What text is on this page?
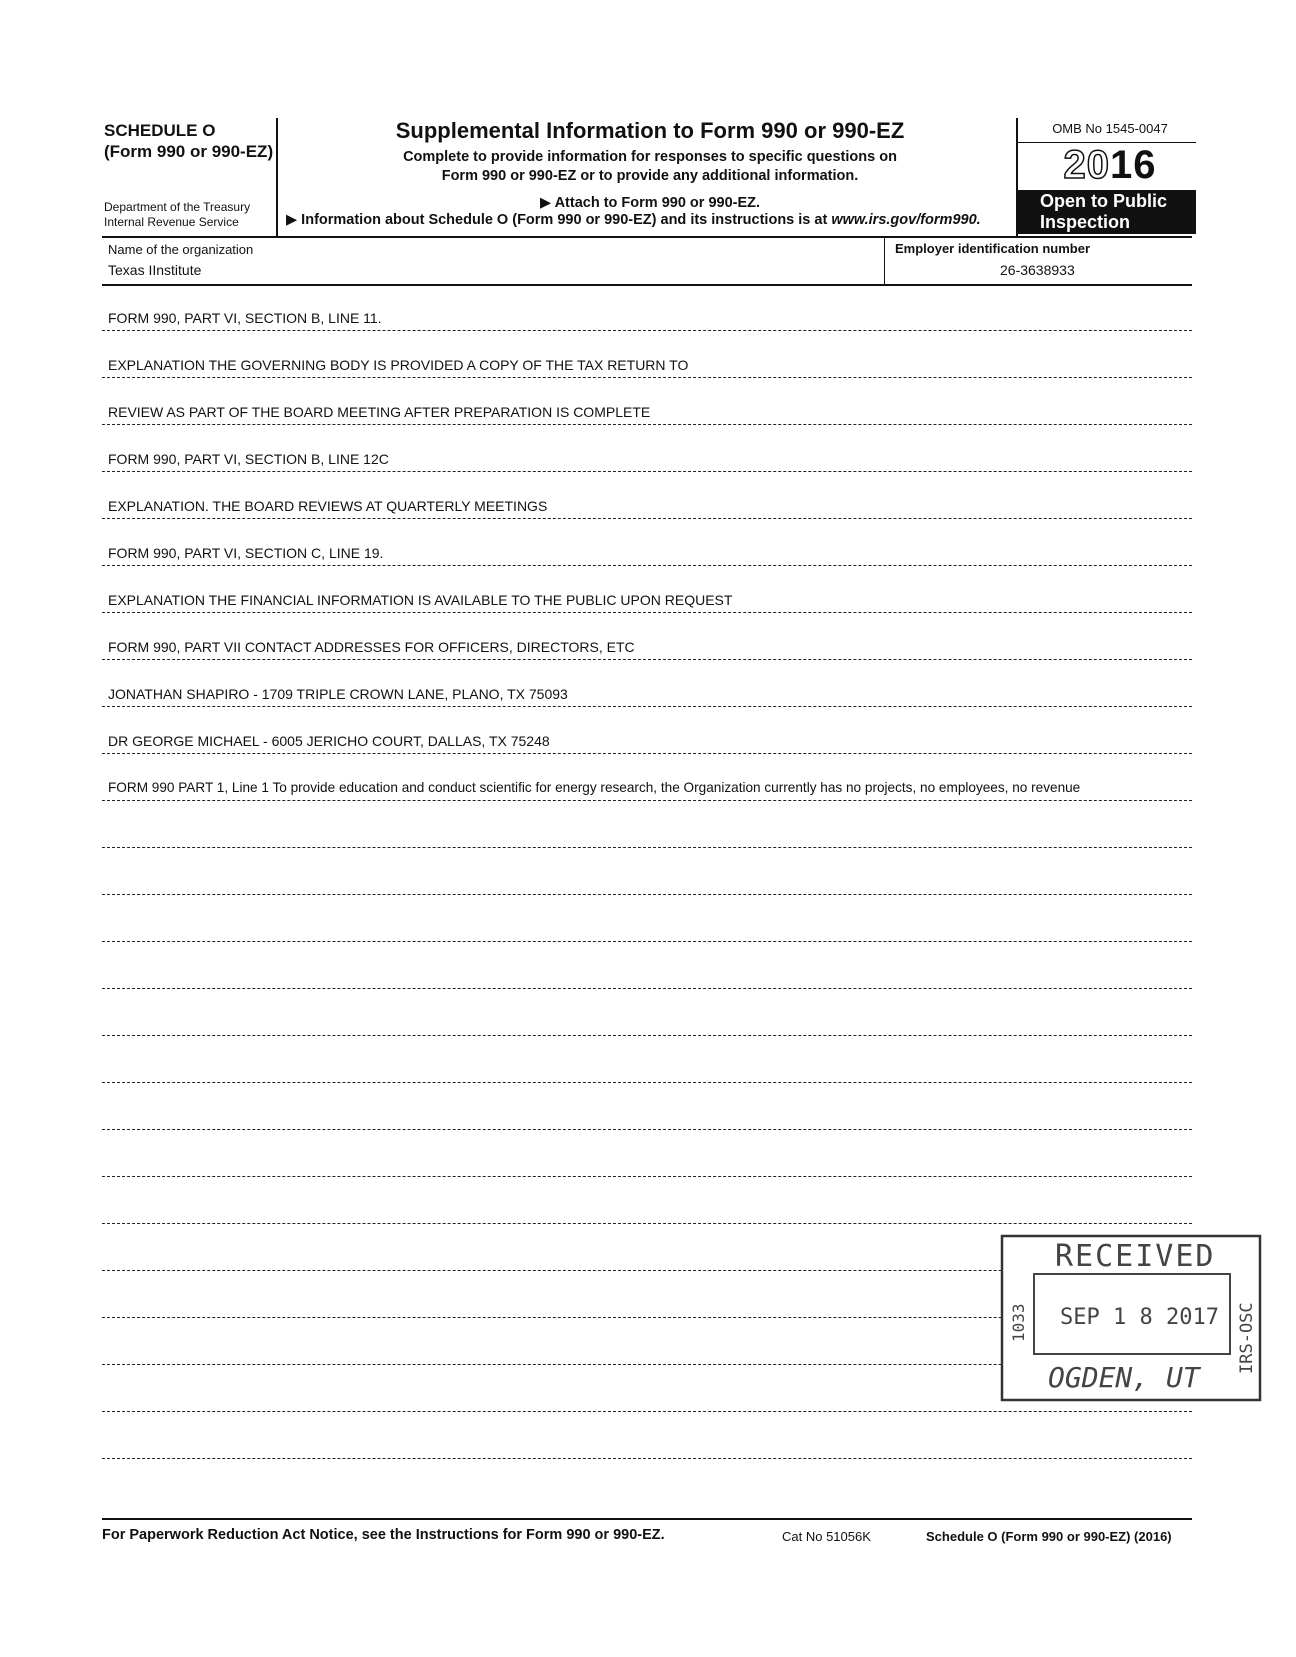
SCHEDULE O
(Form 990 or 990-EZ)
Department of the Treasury
Internal Revenue Service
Supplemental Information to Form 990 or 990-EZ
Complete to provide information for responses to specific questions on
Form 990 or 990-EZ or to provide any additional information.
▶ Attach to Form 990 or 990-EZ.
▶ Information about Schedule O (Form 990 or 990-EZ) and its instructions is at www.irs.gov/form990.
OMB No 1545-0047
2016
Open to Public
Inspection
Name of the organization
Texas IInstitute
Employer identification number
26-3638933
FORM 990, PART VI, SECTION B, LINE 11.
EXPLANATION THE GOVERNING BODY IS PROVIDED A COPY OF THE TAX RETURN TO
REVIEW AS PART OF THE BOARD MEETING AFTER PREPARATION IS COMPLETE
FORM 990, PART VI, SECTION B, LINE 12C
EXPLANATION. THE BOARD REVIEWS AT QUARTERLY MEETINGS
FORM 990, PART VI, SECTION C, LINE 19.
EXPLANATION THE FINANCIAL INFORMATION IS AVAILABLE TO THE PUBLIC UPON REQUEST
FORM 990, PART VII CONTACT ADDRESSES FOR OFFICERS, DIRECTORS, ETC
JONATHAN SHAPIRO - 1709 TRIPLE CROWN LANE, PLANO, TX 75093
DR GEORGE MICHAEL - 6005 JERICHO COURT, DALLAS, TX 75248
FORM 990 PART 1, Line 1 To provide education and conduct scientific for energy research, the Organization currently has no projects, no employees, no revenue
RECEIVED
SEP 1 8 2017
OGDEN, UT
1033	IRS-OSC
For Paperwork Reduction Act Notice, see the Instructions for Form 990 or 990-EZ.	Cat No 51056K	Schedule O (Form 990 or 990-EZ) (2016)
